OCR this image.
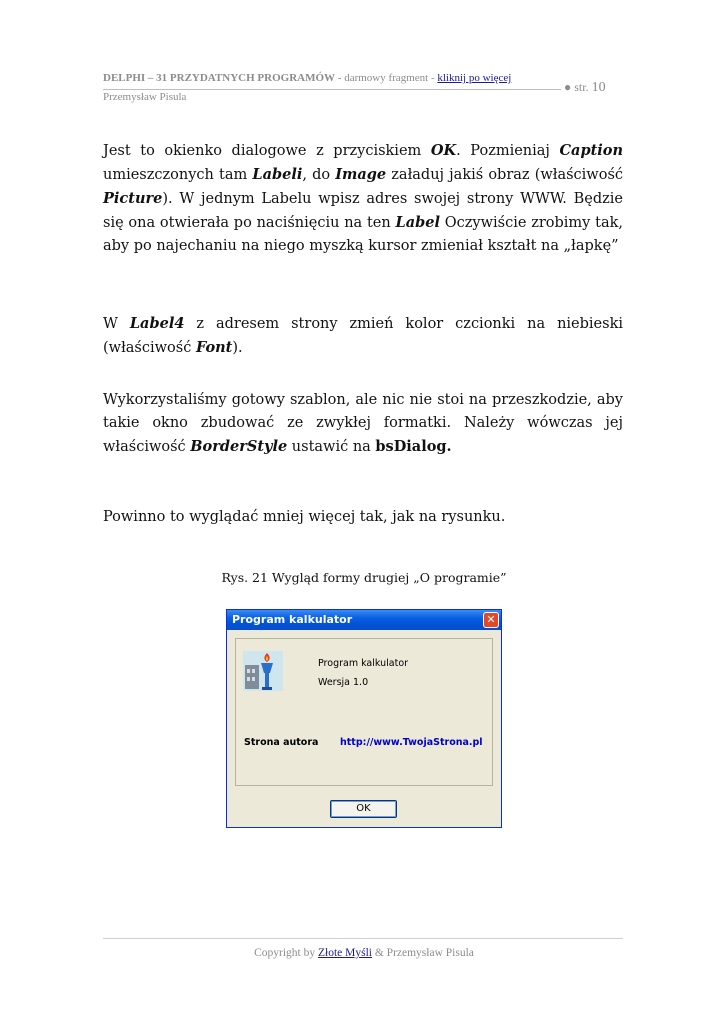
DELPHI – 31 PRZYDATNYCH PROGRAMÓW - darmowy fragment - kliknij po więcej
● str. 10
Przemysław Pisula
Jest to okienko dialogowe z przyciskiem OK. Pozmieniaj Caption umieszczonych tam Labeli, do Image załaduj jakiś obraz (właściwość Picture). W jednym Labelu wpisz adres swojej strony WWW. Będzie się ona otwierała po naciśnięciu na ten Label Oczywiście zrobimy tak, aby po najechaniu na niego myszką kursor zmieniał kształt na „łapkę”
W Label4 z adresem strony zmień kolor czcionki na niebieski (właściwość Font).
Wykorzystaliśmy gotowy szablon, ale nic nie stoi na przeszkodzie, aby takie okno zbudować ze zwykłej formatki. Należy wówczas jej właściwość BorderStyle ustawić na bsDialog.
Powinno to wyglądać mniej więcej tak, jak na rysunku.
Rys. 21 Wygląd formy drugiej „O programie”
Program kalkulator	✕
Program kalkulator
Wersja 1.0
Strona autora http://www.TwojaStrona.pl
OK
Copyright by Złote Myśli & Przemysław Pisula
